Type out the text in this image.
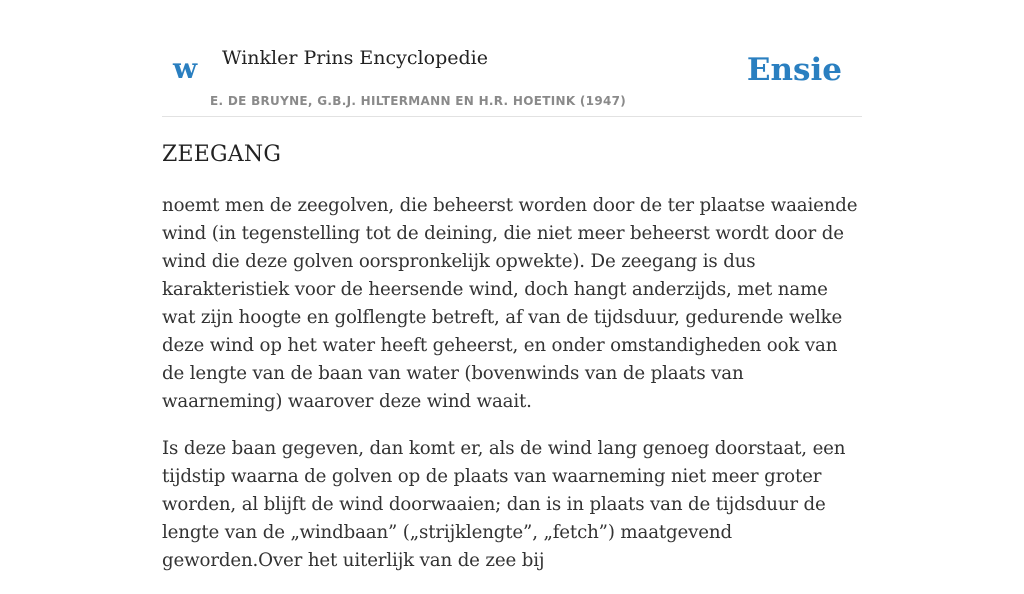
w Winkler Prins Encyclopedie
E. DE BRUYNE, G.B.J. HILTERMANN EN H.R. HOETINK (1947)
Ensie
ZEEGANG

noemt men de zeegolven, die beheerst worden door de ter plaatse waaiende wind (in tegenstelling tot de deining, die niet meer beheerst wordt door de wind die deze golven oorspronkelijk opwekte). De zeegang is dus karakteristiek voor de heersende wind, doch hangt anderzijds, met name wat zijn hoogte en golflengte betreft, af van de tijdsduur, gedurende welke deze wind op het water heeft geheerst, en onder omstandigheden ook van de lengte van de baan van water (bovenwinds van de plaats van waarneming) waarover deze wind waait.

Is deze baan gegeven, dan komt er, als de wind lang genoeg doorstaat, een tijdstip waarna de golven op de plaats van waarneming niet meer groter worden, al blijft de wind doorwaaien; dan is in plaats van de tijdsduur de lengte van de „windbaan” („strijklengte”, „fetch”) maatgevend geworden.Over het uiterlijk van de zee bij
